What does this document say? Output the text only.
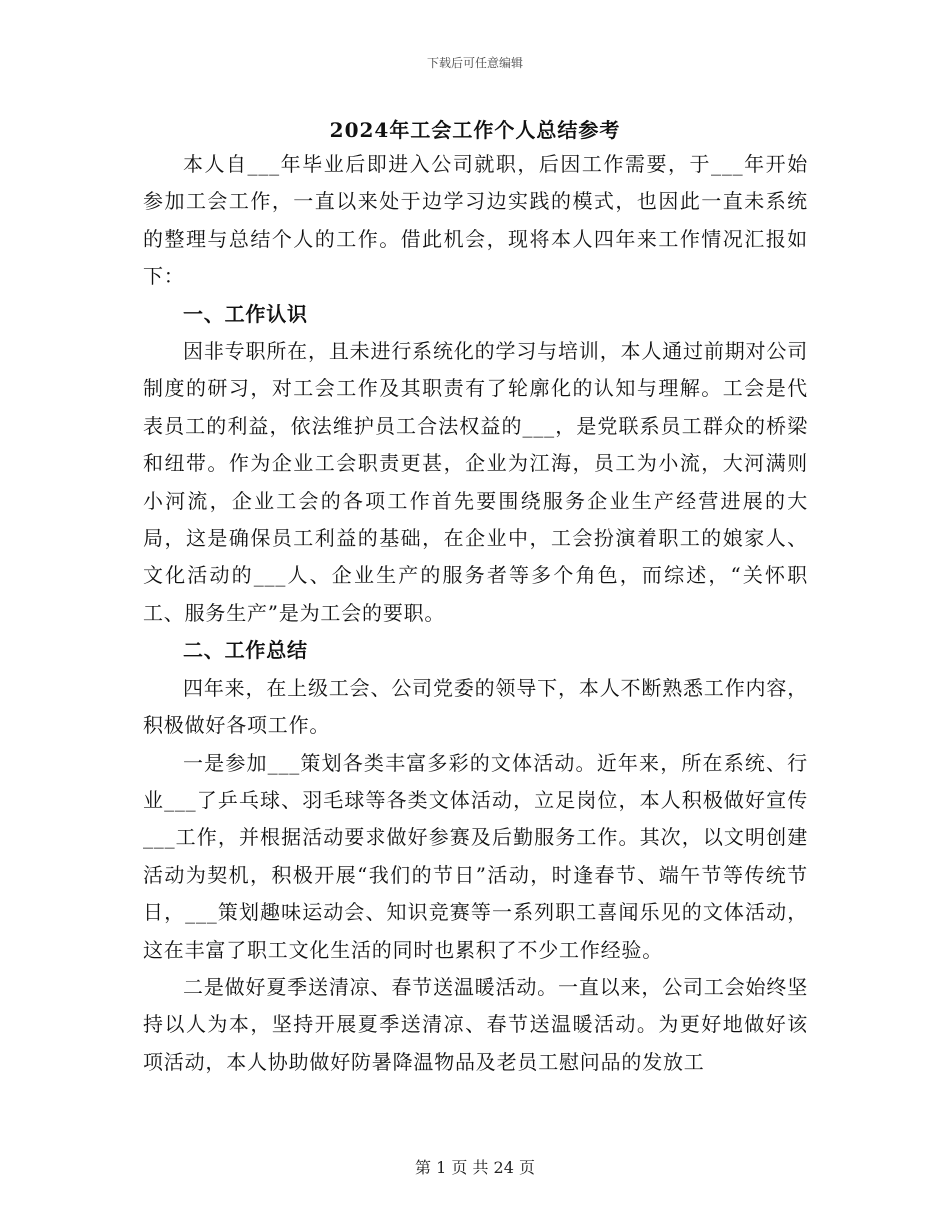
下载后可任意编辑
2024年工会工作个人总结参考

本人自___年毕业后即进入公司就职，后因工作需要，于___年开始参加工会工作，一直以来处于边学习边实践的模式，也因此一直未系统的整理与总结个人的工作。借此机会，现将本人四年来工作情况汇报如下：

一、工作认识

因非专职所在，且未进行系统化的学习与培训，本人通过前期对公司制度的研习，对工会工作及其职责有了轮廓化的认知与理解。工会是代表员工的利益，依法维护员工合法权益的___，是党联系员工群众的桥梁和纽带。作为企业工会职责更甚，企业为江海，员工为小流，大河满则小河流，企业工会的各项工作首先要围绕服务企业生产经营进展的大局，这是确保员工利益的基础，在企业中，工会扮演着职工的娘家人、文化活动的___人、企业生产的服务者等多个角色，而综述，“关怀职工、服务生产”是为工会的要职。

二、工作总结

四年来，在上级工会、公司党委的领导下，本人不断熟悉工作内容，积极做好各项工作。

一是参加___策划各类丰富多彩的文体活动。近年来，所在系统、行业___了乒乓球、羽毛球等各类文体活动，立足岗位，本人积极做好宣传___工作，并根据活动要求做好参赛及后勤服务工作。其次，以文明创建活动为契机，积极开展“我们的节日”活动，时逢春节、端午节等传统节日，___策划趣味运动会、知识竞赛等一系列职工喜闻乐见的文体活动，这在丰富了职工文化生活的同时也累积了不少工作经验。

二是做好夏季送清凉、春节送温暖活动。一直以来，公司工会始终坚持以人为本，坚持开展夏季送清凉、春节送温暖活动。为更好地做好该项活动，本人协助做好防暑降温物品及老员工慰问品的发放工

第 1 页 共 24 页
